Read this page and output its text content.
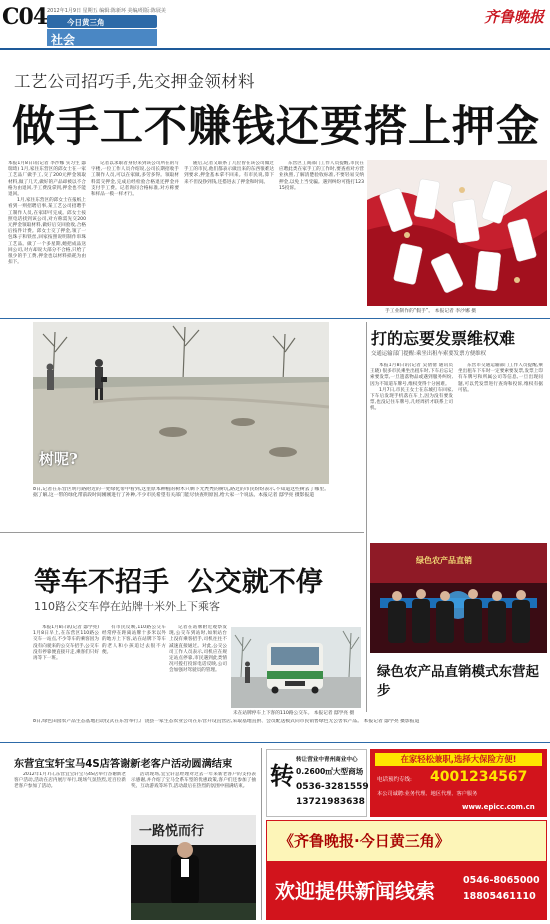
C04 2012年1月9日 星期五 编辑:陈新环 美编/组版:陈展美
今日黄三角
社会
齐鲁晚报
工艺公司招巧手,先交押金领材料
做手工不赚钱还要搭上押金

本报1月8日讯(记者 李沙娜 实习生 邸瑞琦) 1月,家住东营区的邱女士在一家工艺品厂做手工,交了200元押金领取材料,做了几天,做好的产品却被以不合格为由退回,手工费没拿到,押金也不能退回。

1月,家住东营区的邱女士在报纸上看到一则招聘启事,某工艺公司招聘手工制作人员,在家即可完成。邱女士按照电话找到该公司,对方称需先交200元押金领取材料,做好后交回验收,合格后按件计费。邱女士交了押金,领了一包珠子和铁丝,回家按照说明制作串珠工艺品。做了一个多星期,她把成品送回公司,对方却说大部分不合格,只给了很少的手工费,押金也以材料损耗为由扣下。

记者以求职者身份来到该公司所在的写字楼,一位工作人员介绍说,公司长期招收手工制作人员,可以在家做,多劳多得。领取材料需交押金,完成后经检验合格退还押金并支付手工费。记者询问合格标准,对方称要和样品一模一样才行。

随后,记者又联系了几位曾在该公司做过手工的市民,他们都表示做出来的东西很难达到要求,押金基本拿不回来。有市民说,算下来不但没挣到钱,还搭进去了押金和时间。

东营区工商部门工作人员提醒,市民在应聘此类在家手工的工作时,要查看对方营业执照,了解清楚验收标准,不要轻易交纳押金,以免上当受骗。遇到纠纷可拨打12315投诉。

手工业制作的“假手”。 本报记者 李沙娜 摄
树呢?
8日,记者在东营区明月路附近的一处绿化带中看到,这里原本种植的树木只剩下光秃秃的树坑,路过的市民纷纷表示,不知道这些树去了哪里。据了解,这一带的绿化带前段时间刚刚进行了补种,不少市民希望有关部门能尽快查明原因,给大家一个说法。本报记者 邸学亮 摄影报道
打的忘要发票维权难
交通运输部门提醒:乘坐出租车索要发票方便维权

本报1月8日讯(记者 吴倩倩 通讯员 王晓) 很多市民乘坐出租车时,下车后忘记索要发票,一旦遗落物品或遇到服务纠纷,因为不知道车牌号,维权变得十分困难。

1月7日,市民王女士在东城打车回家,下车后发现手机落在车上,因为没有要发票,也没记住车牌号,几经周折才联系上司机。

东营市交通运输部门工作人员提醒,乘坐出租车下车时一定要索要发票,发票上印有车牌号和所属公司等信息,一旦出现问题,可以凭发票进行查询和投诉,维权有据可依。

等车不招手  公交就不停
110路公交车停在站牌十米外上下乘客

本报1月8日讯(记者 邸学亮) 1月8日早上,在东营区110路公交车一站点,不少等车的乘客因为没有向驶来的公交车招手,公交车没有停靠便直接开走,乘客们只好再等下一班。

有市民反映,110路公交车经常停在距离站牌十多米以外的地方上下客,站在站牌下等车的老人和小孩追过去很不方便。

记者在站牌附近观察发现,公交车到站时,如果站台上没有乘客招手,司机往往不减速直接通过。对此,公交公司工作人员表示,司机应在规定站点停靠,市民遇到此类情况可拨打投诉电话反映,公司会加强对驾驶员的管理。

未在站牌停车上下客的110路公交车。 本报记者 邸学亮 摄
绿色农产品直销
绿色农产品直销模式东营起步
8日,绿色田园农产品生态基地启动仪式在东营举行,广饶县一家生态农业公司在东营开设直营店,采取基地直供、会员配送模式向市民销售绿色无公害农产品。 本报记者 邸学亮 摄影报道
东营宜宝轩宝马4S店答谢新老客户活动圆满结束

2012年1月7日,东营宜宝轩宝马4S店举行答谢新老客户活动,活动在店内展厅举行,现场气氛热烈,近百位新老客户参加了活动。

活动现场,宜宝轩总经理对过去一年来新老客户的支持表示感谢,并介绍了宝马全系车型的优惠政策,客户们还参加了抽奖、互动游戏等环节,活动最后在热烈的氛围中圆满结束。

一路悦而行
转
转让营业中青州商业中心
0.2600㎡大型商场
0536-3281559
13721983638
在家轻松兼职,选择大保险方便!
电话预约专线: 4001234567
本公司诚聘:业务代理、地区代理、客户服务
www.epicc.com.cn
《齐鲁晚报·今日黄三角》
欢迎提供新闻线索	0546-8065000
18805461110
